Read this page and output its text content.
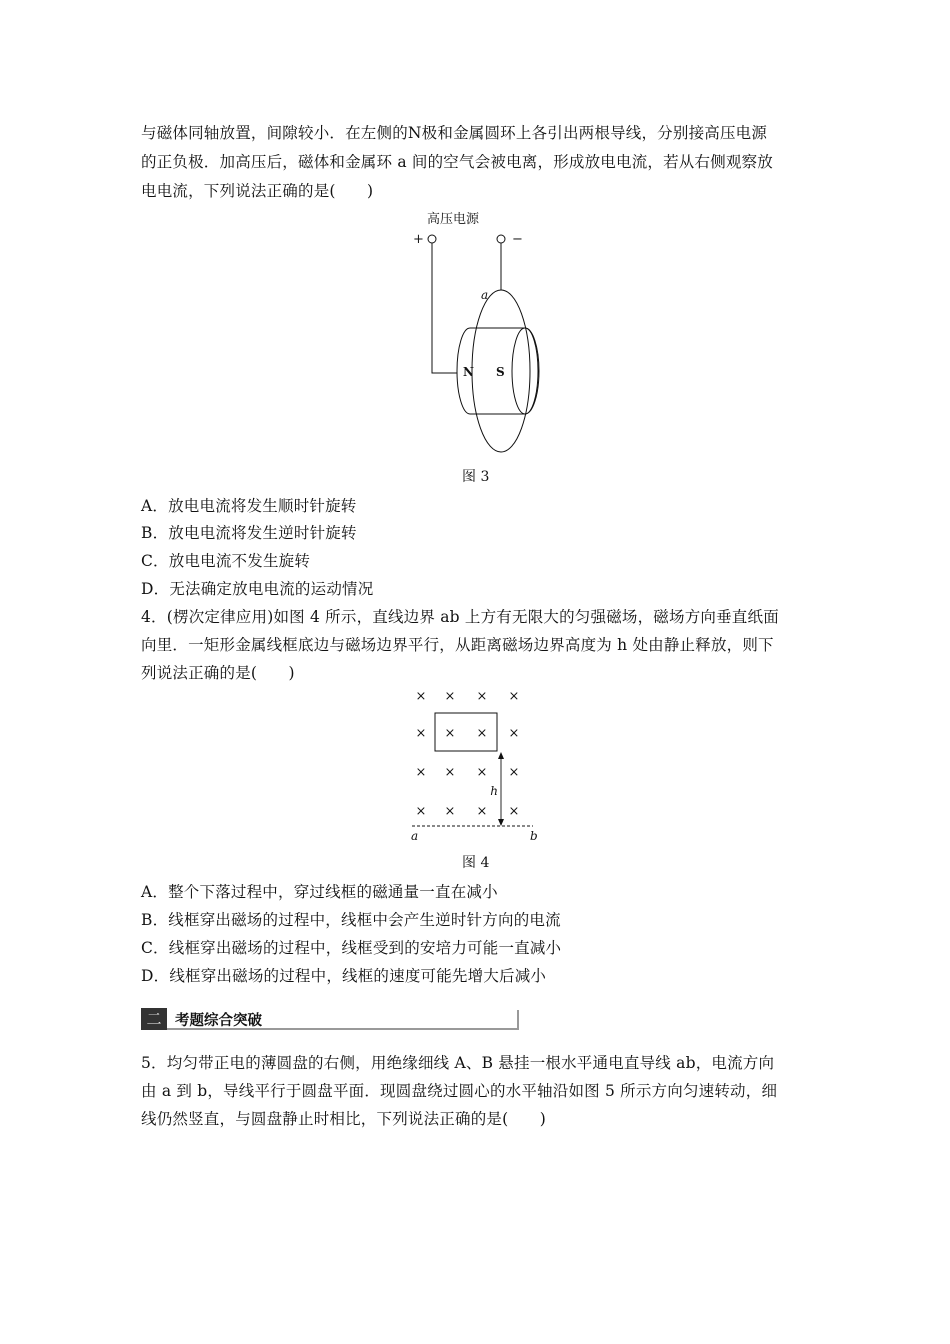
与磁体同轴放置，间隙较小．在左侧的N极和金属圆环上各引出两根导线，分别接高压电源
的正负极．加高压后，磁体和金属环 a 间的空气会被电离，形成放电电流，若从右侧观察放
电电流，下列说法正确的是(　　)
高压电源
+	−
a
N S
图 3
A．放电电流将发生顺时针旋转
B．放电电流将发生逆时针旋转
C．放电电流不发生旋转
D．无法确定放电电流的运动情况
4．(楞次定律应用)如图 4 所示，直线边界 ab 上方有无限大的匀强磁场，磁场方向垂直纸面
向里．一矩形金属线框底边与磁场边界平行，从距离磁场边界高度为 h 处由静止释放，则下
列说法正确的是(　　)
× × × ×
× × × ×
× × × ×
× × × ×
h
a	b
图 4
A．整个下落过程中，穿过线框的磁通量一直在减小
B．线框穿出磁场的过程中，线框中会产生逆时针方向的电流
C．线框穿出磁场的过程中，线框受到的安培力可能一直减小
D．线框穿出磁场的过程中，线框的速度可能先增大后减小
二 考题综合突破
5．均匀带正电的薄圆盘的右侧，用绝缘细线 A、B 悬挂一根水平通电直导线 ab，电流方向
由 a 到 b，导线平行于圆盘平面．现圆盘绕过圆心的水平轴沿如图 5 所示方向匀速转动，细
线仍然竖直，与圆盘静止时相比，下列说法正确的是(　　)
